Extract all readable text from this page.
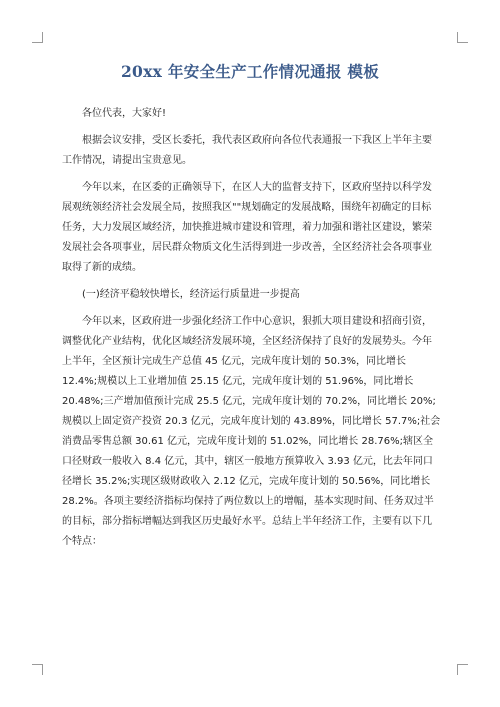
20xx 年安全生产工作情况通报 模板

各位代表，大家好!

根据会议安排，受区长委托，我代表区政府向各位代表通报一下我区上半年主要

工作情况，请提出宝贵意见。

今年以来，在区委的正确领导下，在区人大的监督支持下，区政府坚持以科学发

展观统领经济社会发展全局，按照我区""规划确定的发展战略，围绕年初确定的目标

任务，大力发展区域经济，加快推进城市建设和管理，着力加强和谐社区建设，繁荣

发展社会各项事业，居民群众物质文化生活得到进一步改善，全区经济社会各项事业

取得了新的成绩。

(一)经济平稳较快增长，经济运行质量进一步提高

今年以来，区政府进一步强化经济工作中心意识，狠抓大项目建设和招商引资，

调整优化产业结构，优化区域经济发展环境，全区经济保持了良好的发展势头。今年

上半年，全区预计完成生产总值 45 亿元，完成年度计划的 50.3%，同比增长

12.4%;规模以上工业增加值 25.15 亿元，完成年度计划的 51.96%，同比增长

20.48%;三产增加值预计完成 25.5 亿元，完成年度计划的 70.2%，同比增长 20%;

规模以上固定资产投资 20.3 亿元，完成年度计划的 43.89%，同比增长 57.7%;社会

消费品零售总额 30.61 亿元，完成年度计划的 51.02%，同比增长 28.76%;辖区全

口径财政一般收入 8.4 亿元，其中，辖区一般地方预算收入 3.93 亿元，比去年同口

径增长 35.2%;实现区级财政收入 2.12 亿元，完成年度计划的 50.56%，同比增长

28.2%。各项主要经济指标均保持了两位数以上的增幅，基本实现时间、任务双过半

的目标，部分指标增幅达到我区历史最好水平。总结上半年经济工作，主要有以下几

个特点：
